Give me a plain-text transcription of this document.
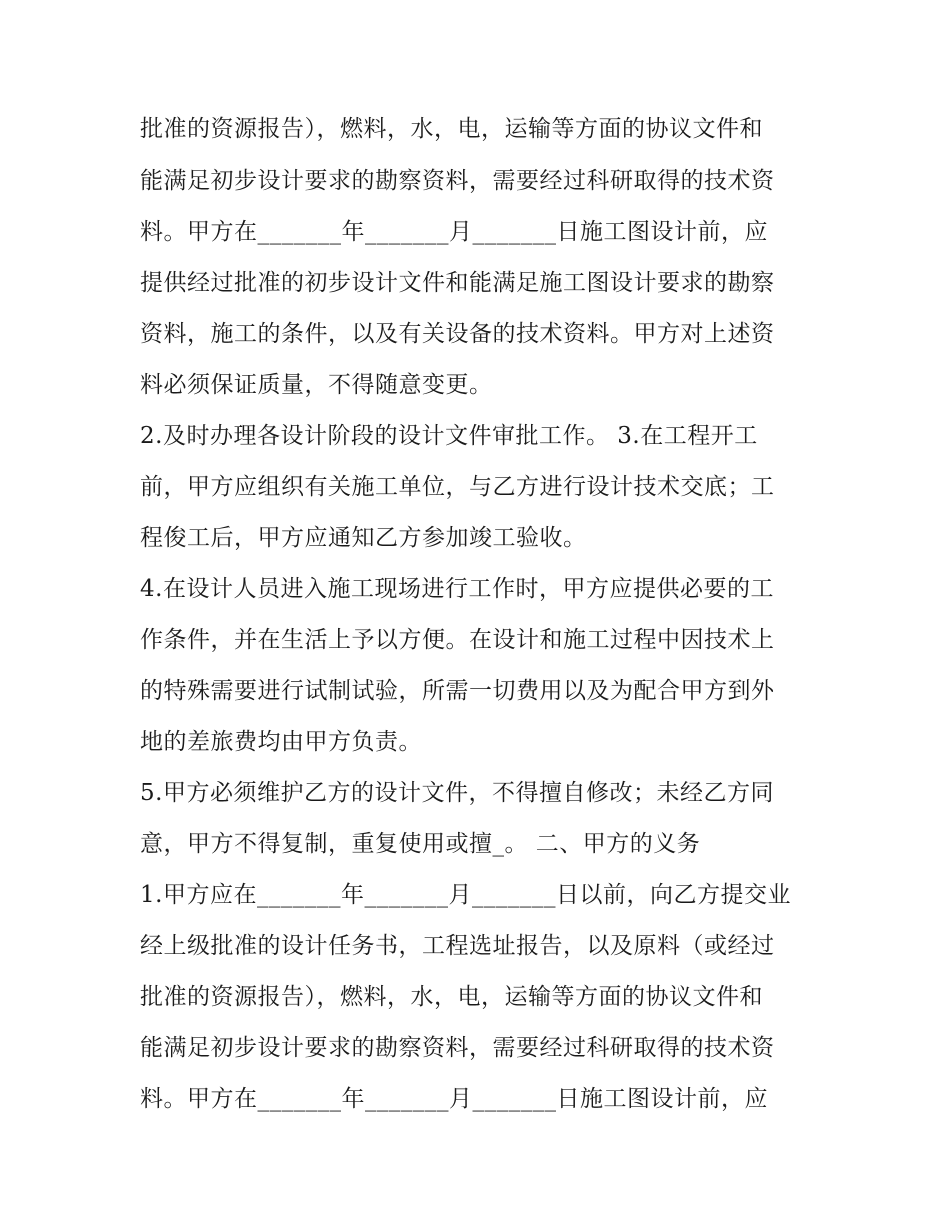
批准的资源报告），燃料，水，电，运输等方面的协议文件和
能满足初步设计要求的勘察资料，需要经过科研取得的技术资
料。甲方在_______年_______月_______日施工图设计前，应
提供经过批准的初步设计文件和能满足施工图设计要求的勘察
资料，施工的条件，以及有关设备的技术资料。甲方对上述资
料必须保证质量，不得随意变更。
2.及时办理各设计阶段的设计文件审批工作。 3.在工程开工
前，甲方应组织有关施工单位，与乙方进行设计技术交底；工
程俊工后，甲方应通知乙方参加竣工验收。
4.在设计人员进入施工现场进行工作时，甲方应提供必要的工
作条件，并在生活上予以方便。在设计和施工过程中因技术上
的特殊需要进行试制试验，所需一切费用以及为配合甲方到外
地的差旅费均由甲方负责。
5.甲方必须维护乙方的设计文件，不得擅自修改；未经乙方同
意，甲方不得复制，重复使用或擅_。 二、甲方的义务
1.甲方应在_______年_______月_______日以前，向乙方提交业
经上级批准的设计任务书，工程选址报告，以及原料（或经过
批准的资源报告），燃料，水，电，运输等方面的协议文件和
能满足初步设计要求的勘察资料，需要经过科研取得的技术资
料。甲方在_______年_______月_______日施工图设计前，应
